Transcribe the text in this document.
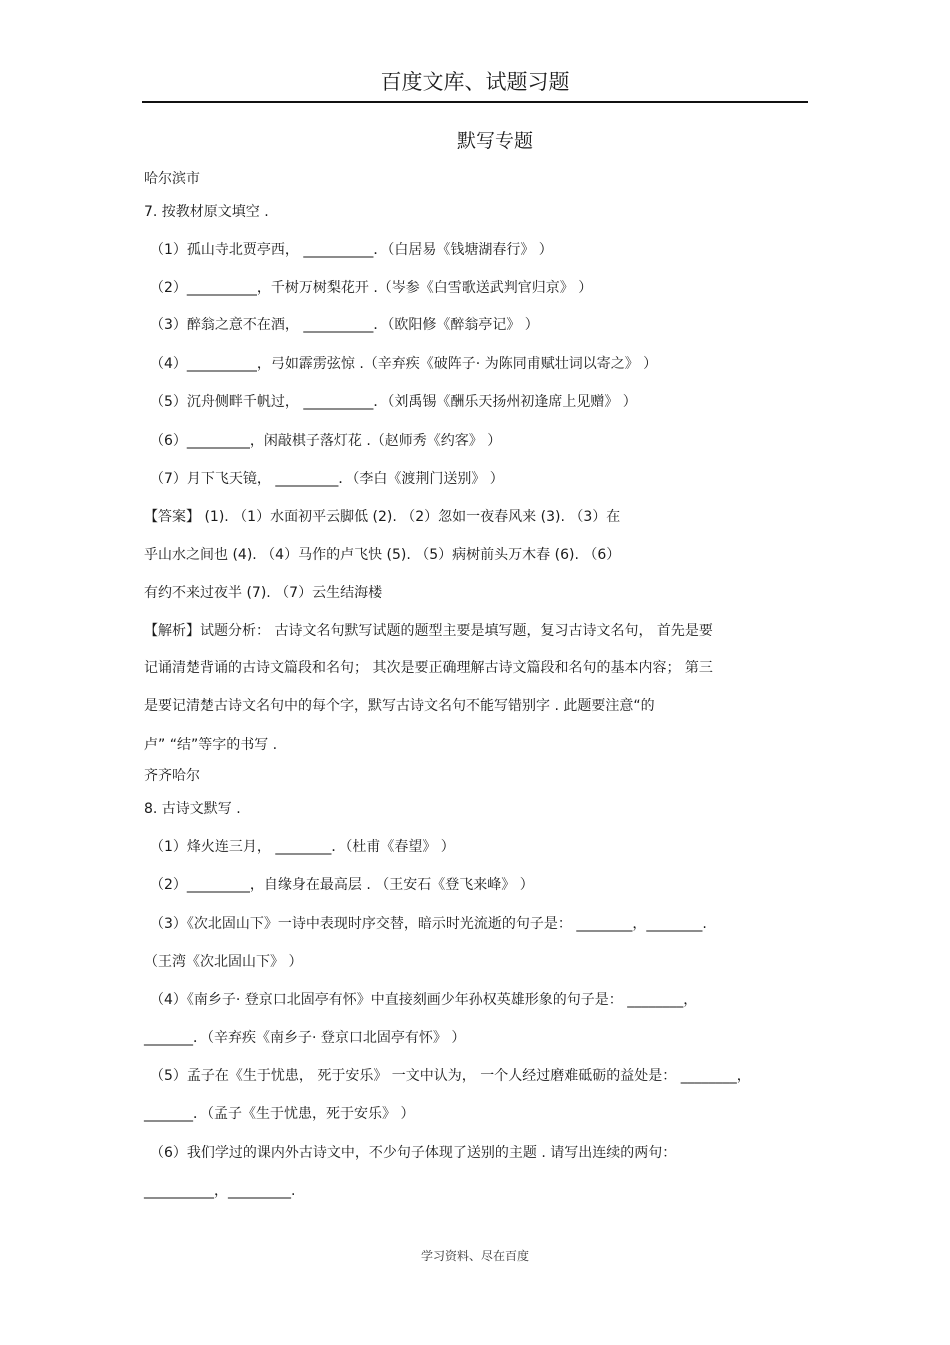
百度文库、试题习题
默写专题
哈尔滨市
7. 按教材原文填空 .
（1）孤山寺北贾亭西， __________．（白居易《钱塘湖春行》 ）
（2）__________，千树万树梨花开 .（岑参《白雪歌送武判官归京》 ）
（3）醉翁之意不在酒， __________．（欧阳修《醉翁亭记》 ）
（4）__________，弓如霹雳弦惊 .（辛弃疾《破阵子· 为陈同甫赋壮词以寄之》 ）
（5）沉舟侧畔千帆过， __________．（刘禹锡《酬乐天扬州初逢席上见赠》 ）
（6）_________，闲敲棋子落灯花 .（赵师秀《约客》 ）
（7）月下飞天镜， _________．（李白《渡荆门送别》 ）
【答案】 (1). （1）水面初平云脚低 (2). （2）忽如一夜春风来 (3). （3）在
乎山水之间也 (4). （4）马作的卢飞快 (5). （5）病树前头万木春 (6). （6）
有约不来过夜半 (7). （7）云生结海楼
【解析】试题分析： 古诗文名句默写试题的题型主要是填写题，复习古诗文名句， 首先是要
记诵清楚背诵的古诗文篇段和名句； 其次是要正确理解古诗文篇段和名句的基本内容； 第三
是要记清楚古诗文名句中的每个字，默写古诗文名句不能写错别字 . 此题要注意“的
卢” “结”等字的书写 .
齐齐哈尔
8. 古诗文默写 .
（1）烽火连三月， ________．（杜甫《春望》 ）
（2）_________，自缘身在最高层 . （王安石《登飞来峰》 ）
（3）《次北固山下》一诗中表现时序交替，暗示时光流逝的句子是： ________，________.
（王湾《次北固山下》 ）
（4）《南乡子· 登京口北固亭有怀》中直接刻画少年孙权英雄形象的句子是： ________，
_______．（辛弃疾《南乡子· 登京口北固亭有怀》 ）
（5）孟子在《生于忧患， 死于安乐》 一文中认为， 一个人经过磨难砥砺的益处是： ________，
_______．（孟子《生于忧患，死于安乐》 ）
（6）我们学过的课内外古诗文中，不少句子体现了送别的主题 . 请写出连续的两句：
__________，_________.
学习资料、尽在百度
